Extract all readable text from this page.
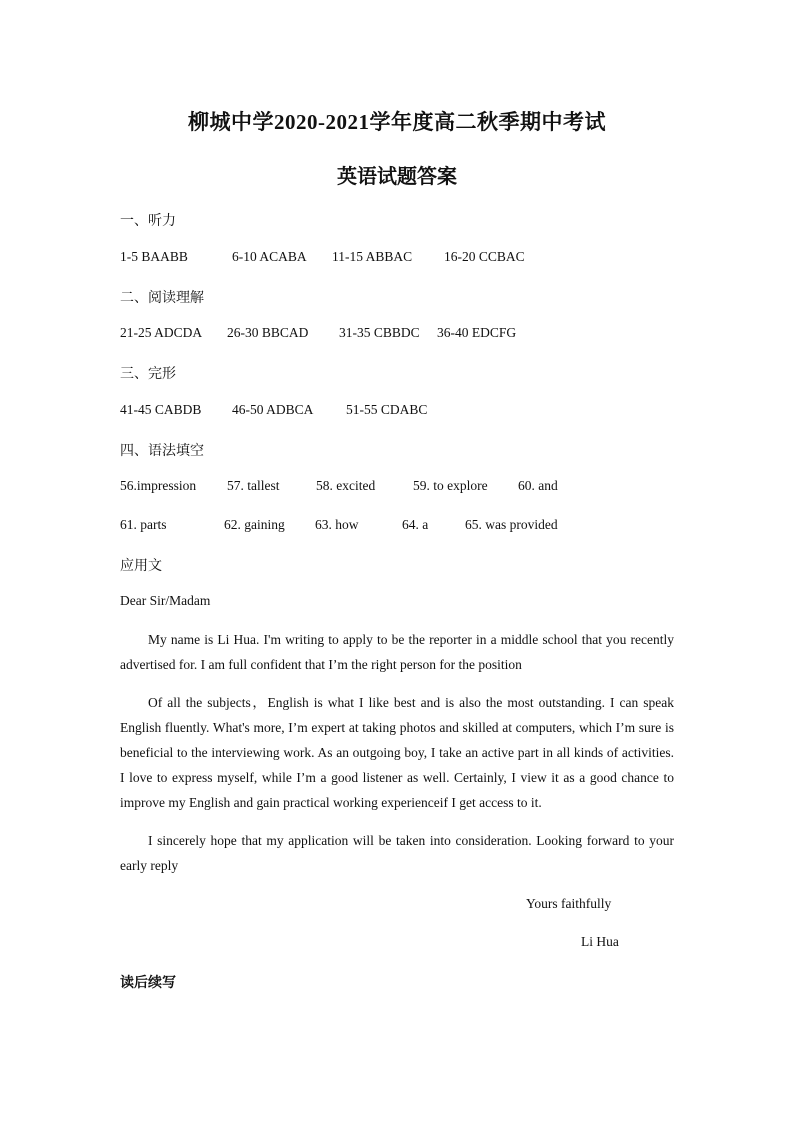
柳城中学2020-2021学年度高二秋季期中考试
英语试题答案
一、听力
1-5 BAABB	6-10 ACABA 11-15 ABBAC 16-20 CCBAC
二、阅读理解
21-25 ADCDA 26-30 BBCAD 31-35 CBBDC 36-40 EDCFG
三、完形
41-45 CABDB 46-50 ADBCA 51-55 CDABC
四、语法填空
56.impression 57. tallest	58. excited	59. to explore 60. and
61. parts	62. gaining 63. how	64. a	65. was provided
应用文
Dear Sir/Madam
My name is Li Hua. I'm writing to apply to be the reporter in a middle school that you recently advertised for. I am full confident that I’m the right person for the position
Of all the subjects，English is what I like best and is also the most outstanding. I can speak English fluently. What's more, I’m expert at taking photos and skilled at computers, which I’m sure is beneficial to the interviewing work. As an outgoing boy, I take an active part in all kinds of activities. I love to express myself, while I’m a good listener as well. Certainly, I view it as a good chance to improve my English and gain practical working experienceif I get access to it.
I sincerely hope that my application will be taken into consideration. Looking forward to your early reply
Yours faithfully
Li Hua
读后续写
